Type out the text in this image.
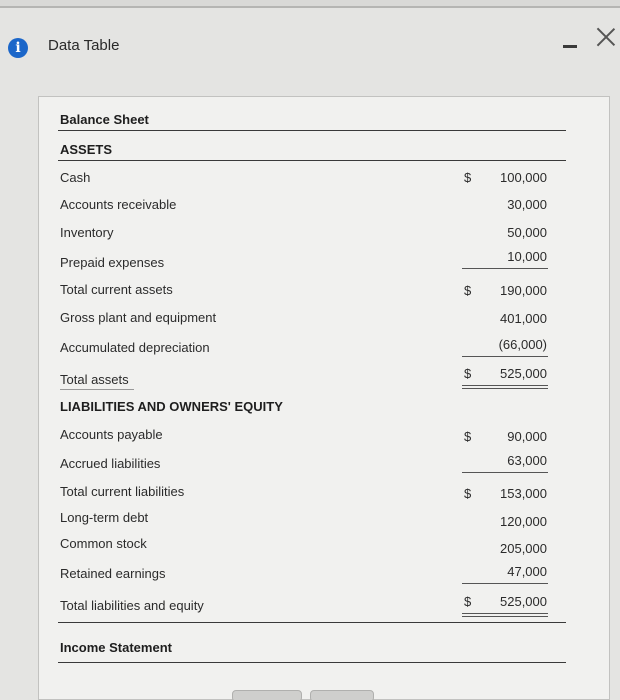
i	Data Table
Balance Sheet
ASSETS
Cash	$	100,000
Accounts receivable	30,000
Inventory	50,000
Prepaid expenses	10,000
Total current assets	$	190,000
Gross plant and equipment	401,000
Accumulated depreciation	(66,000)
Total assets	$	525,000
LIABILITIES AND OWNERS' EQUITY
Accounts payable	$	90,000
Accrued liabilities	63,000
Total current liabilities	$	153,000
Long-term debt	120,000
Common stock	205,000
Retained earnings	47,000
Total liabilities and equity	$	525,000
Income Statement
